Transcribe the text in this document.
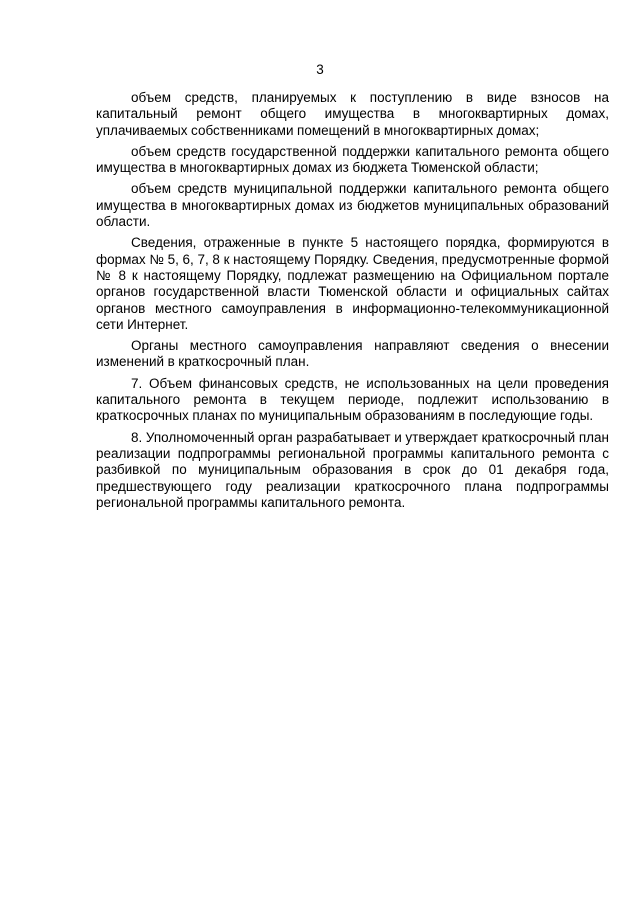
3

объем средств, планируемых к поступлению в виде взносов на капитальный ремонт общего имущества в многоквартирных домах, уплачиваемых собственниками помещений в многоквартирных домах;

объем средств государственной поддержки капитального ремонта общего имущества в многоквартирных домах из бюджета Тюменской области;

объем средств муниципальной поддержки капитального ремонта общего имущества в многоквартирных домах из бюджетов муниципальных образований области.

Сведения, отраженные в пункте 5 настоящего порядка, формируются в формах № 5, 6, 7, 8 к настоящему Порядку. Сведения, предусмотренные формой № 8 к настоящему Порядку, подлежат размещению на Официальном портале органов государственной власти Тюменской области и официальных сайтах органов местного самоуправления в информационно-телекоммуникационной сети Интернет.

Органы местного самоуправления направляют сведения о внесении изменений в краткосрочный план.

7. Объем финансовых средств, не использованных на цели проведения капитального ремонта в текущем периоде, подлежит использованию в краткосрочных планах по муниципальным образованиям в последующие годы.

8. Уполномоченный орган разрабатывает и утверждает краткосрочный план реализации подпрограммы региональной программы капитального ремонта с разбивкой по муниципальным образования в срок до 01 декабря года, предшествующего году реализации краткосрочного плана подпрограммы региональной программы капитального ремонта.
